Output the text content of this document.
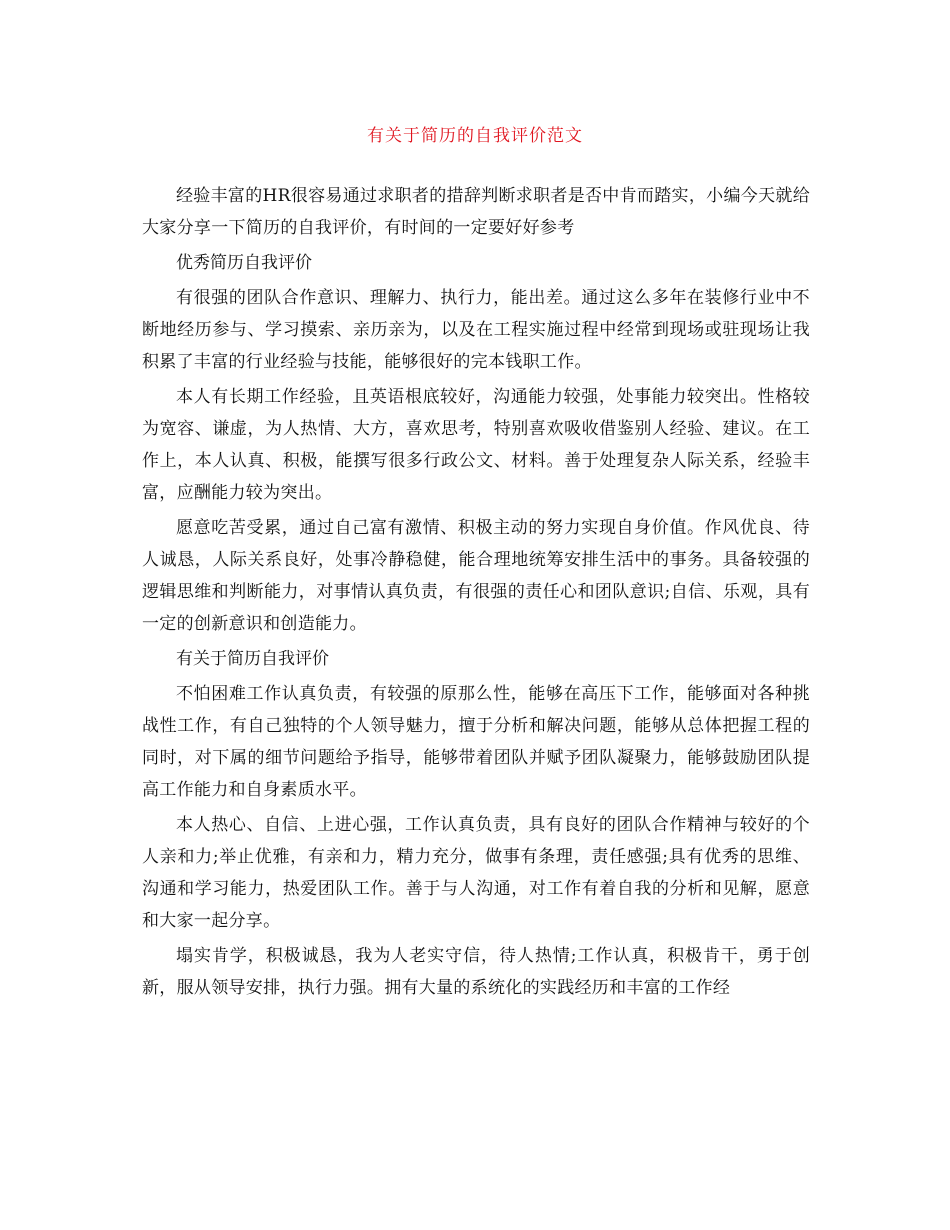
有关于简历的自我评价范文

经验丰富的HR很容易通过求职者的措辞判断求职者是否中肯而踏实，小编今天就给大家分享一下简历的自我评价，有时间的一定要好好参考

优秀简历自我评价

有很强的团队合作意识、理解力、执行力，能出差。通过这么多年在装修行业中不断地经历参与、学习摸索、亲历亲为，以及在工程实施过程中经常到现场或驻现场让我积累了丰富的行业经验与技能，能够很好的完本钱职工作。

本人有长期工作经验，且英语根底较好，沟通能力较强，处事能力较突出。性格较为宽容、谦虚，为人热情、大方，喜欢思考，特别喜欢吸收借鉴别人经验、建议。在工作上，本人认真、积极，能撰写很多行政公文、材料。善于处理复杂人际关系，经验丰富，应酬能力较为突出。

愿意吃苦受累，通过自己富有激情、积极主动的努力实现自身价值。作风优良、待人诚恳，人际关系良好，处事冷静稳健，能合理地统筹安排生活中的事务。具备较强的逻辑思维和判断能力，对事情认真负责，有很强的责任心和团队意识;自信、乐观，具有一定的创新意识和创造能力。

有关于简历自我评价

不怕困难工作认真负责，有较强的原那么性，能够在高压下工作，能够面对各种挑战性工作，有自己独特的个人领导魅力，擅于分析和解决问题，能够从总体把握工程的同时，对下属的细节问题给予指导，能够带着团队并赋予团队凝聚力，能够鼓励团队提高工作能力和自身素质水平。

本人热心、自信、上进心强，工作认真负责，具有良好的团队合作精神与较好的个人亲和力;举止优雅，有亲和力，精力充分，做事有条理，责任感强;具有优秀的思维、沟通和学习能力，热爱团队工作。善于与人沟通，对工作有着自我的分析和见解，愿意和大家一起分享。

塌实肯学，积极诚恳，我为人老实守信，待人热情;工作认真，积极肯干，勇于创新，服从领导安排，执行力强。拥有大量的系统化的实践经历和丰富的工作经
